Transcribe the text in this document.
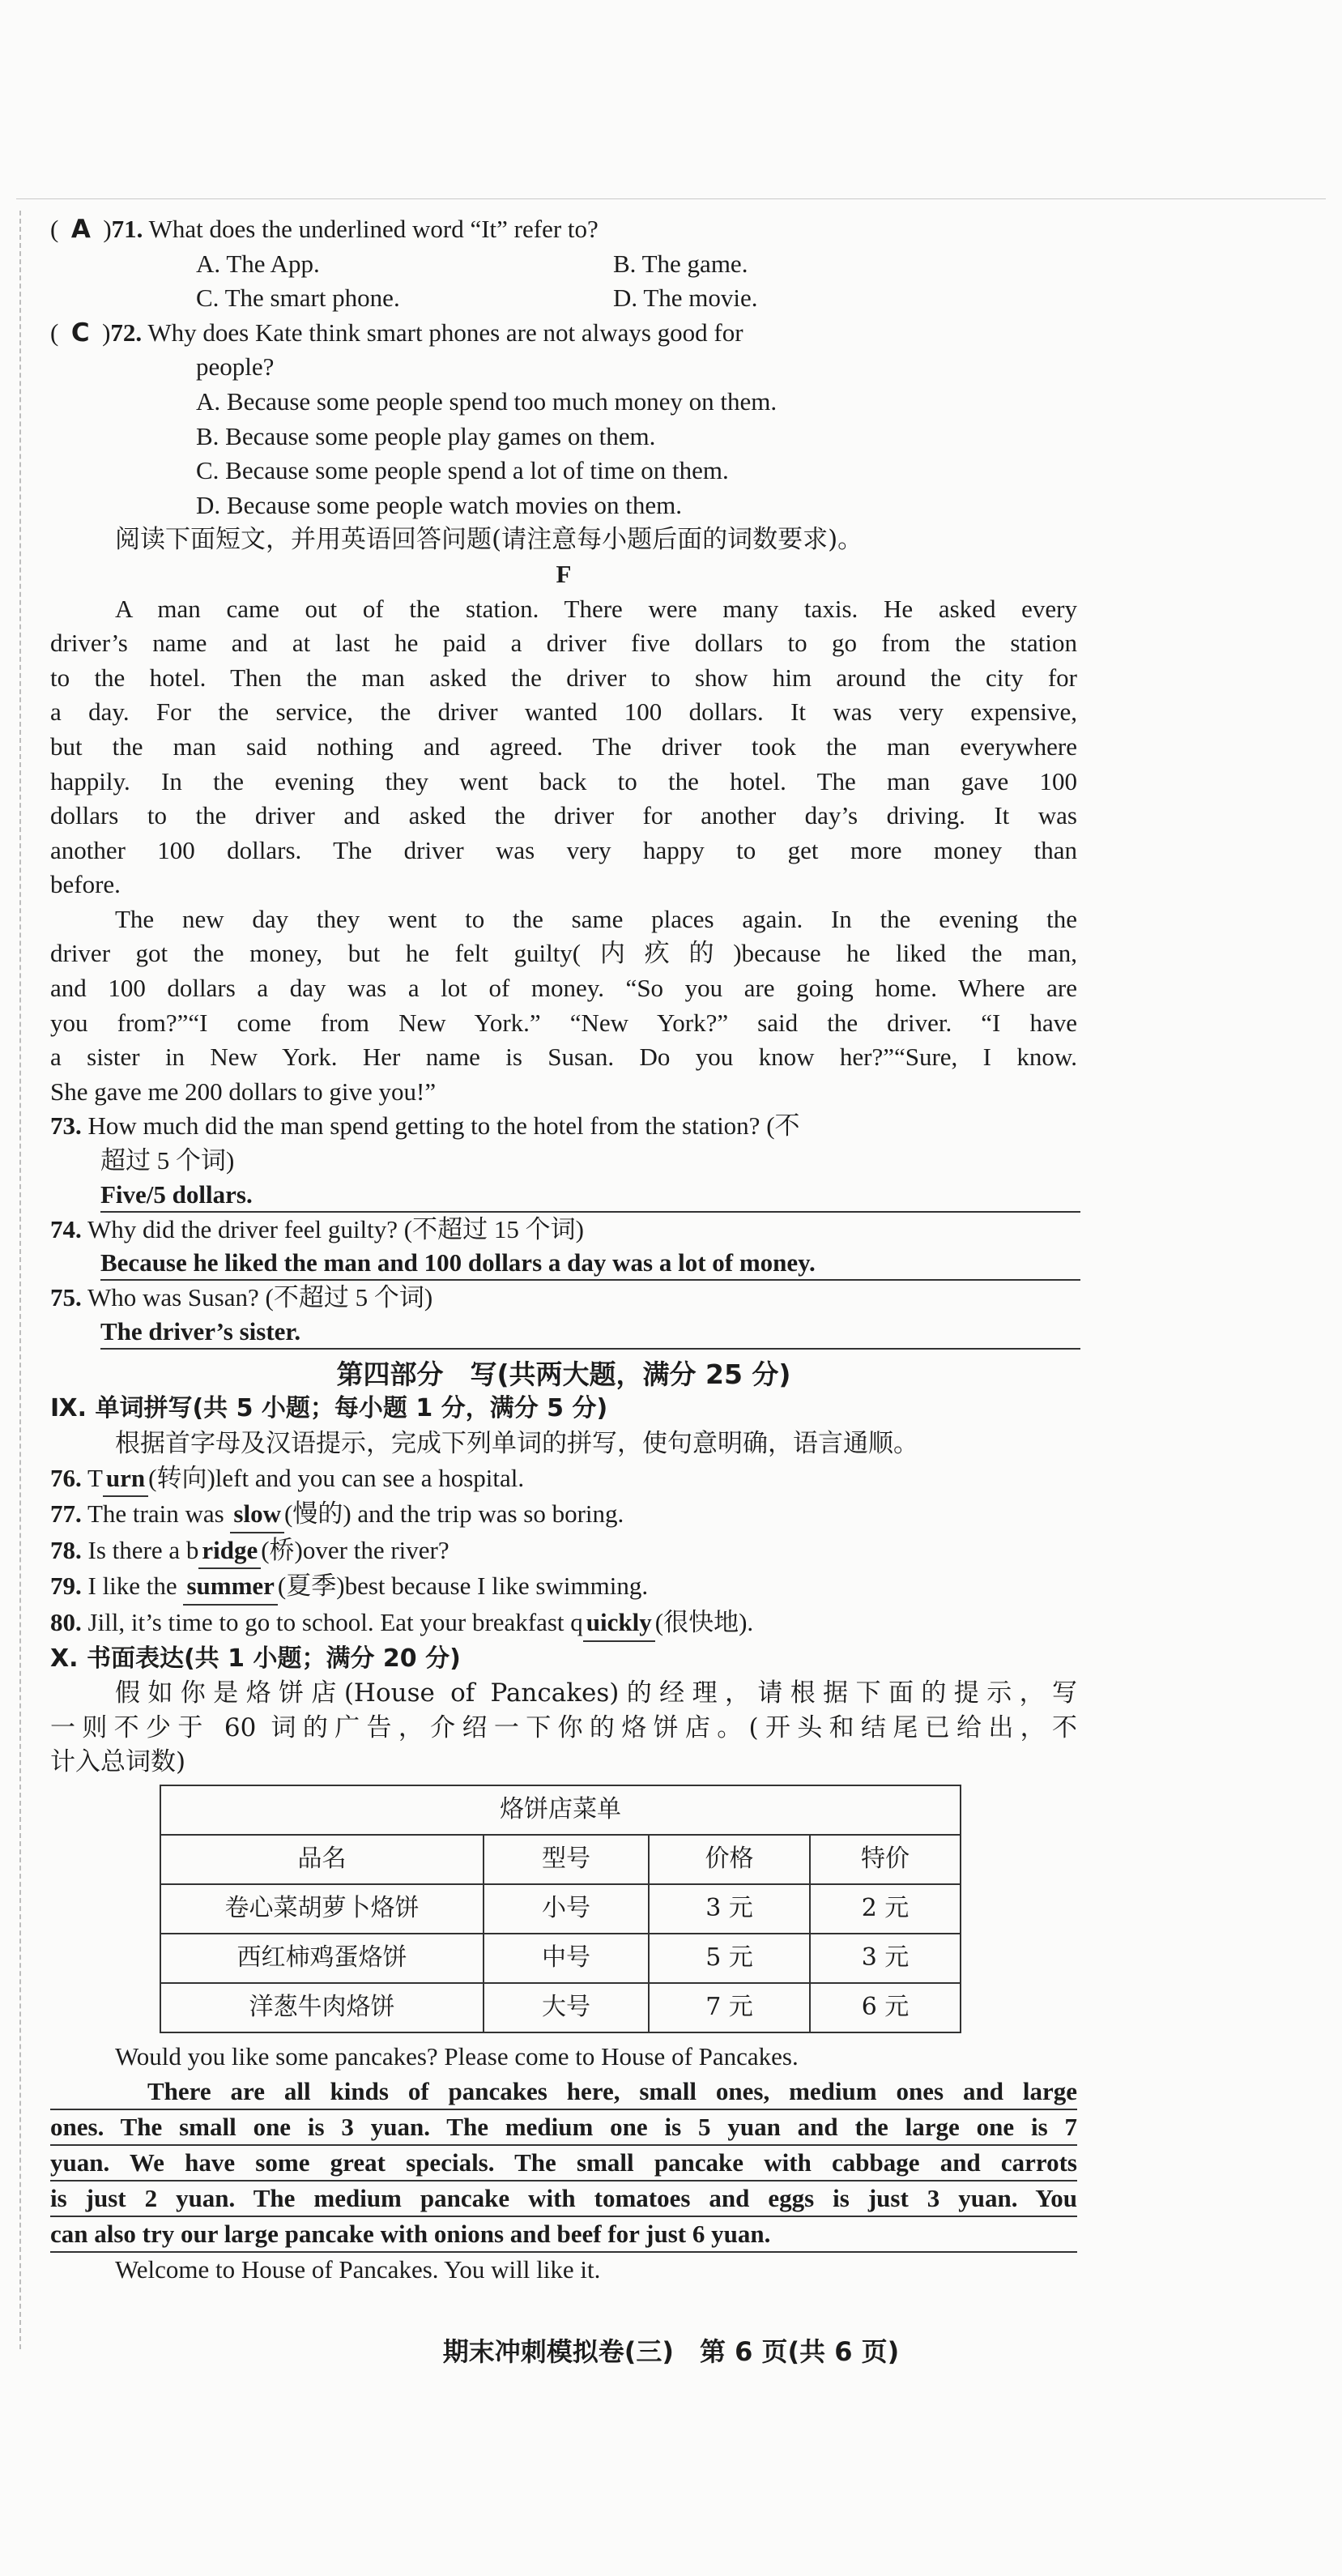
(  A  )71. What does the underlined word “It” refer to?
A. The App.	B. The game.
C. The smart phone.	D. The movie.
(  C  )72. Why does Kate think smart phones are not always good for
people?
A. Because some people spend too much money on them.
B. Because some people play games on them.
C. Because some people spend a lot of time on them.
D. Because some people watch movies on them.
阅读下面短文，并用英语回答问题(请注意每小题后面的词数要求)。
F
A man came out of the station. There were many taxis. He asked every
driver’s name and at last he paid a driver five dollars to go from the station
to the hotel. Then the man asked the driver to show him around the city for
a day. For the service, the driver wanted 100 dollars. It was very expensive,
but the man said nothing and agreed. The driver took the man everywhere
happily. In the evening they went back to the hotel. The man gave 100
dollars to the driver and asked the driver for another day’s driving. It was
another 100 dollars. The driver was very happy to get more money than
before.
The new day they went to the same places again. In the evening the
driver got the money, but he felt guilty(内疚的)because he liked the man,
and 100 dollars a day was a lot of money. “So you are going home. Where are
you from?”“I come from New York.” “New York?” said the driver. “I have
a sister in New York. Her name is Susan. Do you know her?”“Sure, I know.
She gave me 200 dollars to give you!”
73. How much did the man spend getting to the hotel from the station? (不
超过 5 个词)
Five/5 dollars.
74. Why did the driver feel guilty? (不超过 15 个词)
Because he liked the man and 100 dollars a day was a lot of money.
75. Who was Susan? (不超过 5 个词)
The driver’s sister.
第四部分　写(共两大题，满分 25 分)
Ⅸ. 单词拼写(共 5 小题；每小题 1 分，满分 5 分)
根据首字母及汉语提示，完成下列单词的拼写，使句意明确，语言通顺。
76. T urn (转向)left and you can see a hospital.
77. The train was slow (慢的) and the trip was so boring.
78. Is there a b ridge (桥)over the river?
79. I like the summer (夏季)best because I like swimming.
80. Jill, it’s time to go to school. Eat your breakfast q uickly (很快地).
Ⅹ. 书面表达(共 1 小题；满分 20 分)
假如你是烙饼店(House of Pancakes)的经理，请根据下面的提示，写
一则不少于 60 词的广告，介绍一下你的烙饼店。(开头和结尾已给出，不
计入总词数)
烙饼店菜单			
品名	型号	价格	特价
卷心菜胡萝卜烙饼	小号	3 元	2 元
西红柿鸡蛋烙饼	中号	5 元	3 元
洋葱牛肉烙饼	大号	7 元	6 元
Would you like some pancakes? Please come to House of Pancakes.
There are all kinds of pancakes here, small ones, medium ones and large
ones. The small one is 3 yuan. The medium one is 5 yuan and the large one is 7
yuan. We have some great specials. The small pancake with cabbage and carrots
is just 2 yuan. The medium pancake with tomatoes and eggs is just 3 yuan. You
can also try our large pancake with onions and beef for just 6 yuan.
Welcome to House of Pancakes. You will like it.
期末冲刺模拟卷(三)　第 6 页(共 6 页)
